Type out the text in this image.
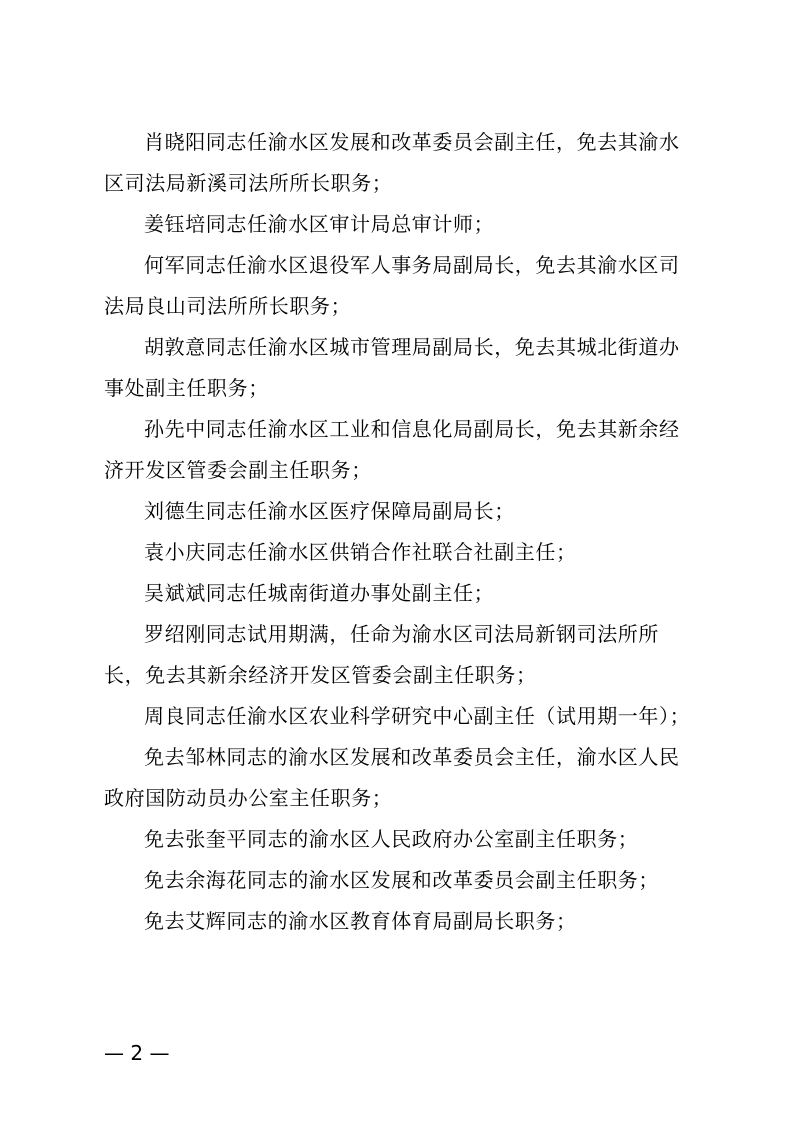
肖晓阳同志任渝水区发展和改革委员会副主任，免去其渝水
区司法局新溪司法所所长职务；

姜钰培同志任渝水区审计局总审计师；

何军同志任渝水区退役军人事务局副局长，免去其渝水区司
法局良山司法所所长职务；

胡敦意同志任渝水区城市管理局副局长，免去其城北街道办
事处副主任职务；

孙先中同志任渝水区工业和信息化局副局长，免去其新余经
济开发区管委会副主任职务；

刘德生同志任渝水区医疗保障局副局长；

袁小庆同志任渝水区供销合作社联合社副主任；

吴斌斌同志任城南街道办事处副主任；

罗绍刚同志试用期满，任命为渝水区司法局新钢司法所所
长，免去其新余经济开发区管委会副主任职务；

周良同志任渝水区农业科学研究中心副主任（试用期一年）；

免去邹林同志的渝水区发展和改革委员会主任，渝水区人民
政府国防动员办公室主任职务；

免去张奎平同志的渝水区人民政府办公室副主任职务；

免去余海花同志的渝水区发展和改革委员会副主任职务；

免去艾辉同志的渝水区教育体育局副局长职务；

— 2 —
